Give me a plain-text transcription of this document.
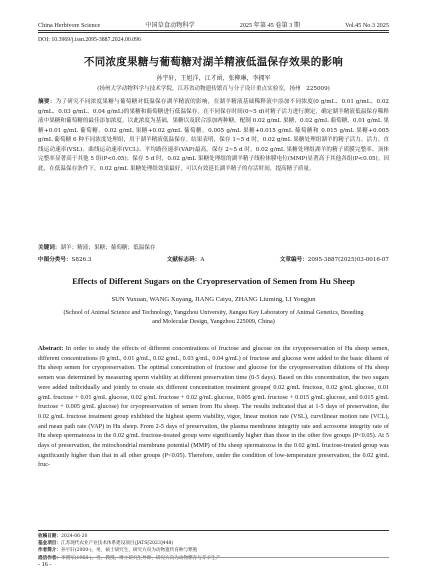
China Herbivore Science	中国草食动物科学	2025 年第 45 卷第 3 期	Vol.45 No.3 2025
DOI: 10.3969/j.issn.2095-3887.2024.00.096
不同浓度果糖与葡萄糖对湖羊精液低温保存效果的影响
孙宇轩，王旭洋，江才函，张柳琳，李拥军
(扬州大学动物科学与技术学院，江苏省动物遗传繁育与分子设计重点实验室，扬州　225009)
摘要：为了研究不同浓度果糖与葡萄糖对低温保存湖羊精液的影响，在湖羊精液基础稀释液中添加不同浓度(0 g/mL、0.01 g/mL、0.02 g/mL、0.03 g/mL、0.04 g/mL)的果糖和葡萄糖进行低温保存。在不同保存时间(0~5 d)对精子活力进行测定，确定湖羊精液低温保存稀释液中果糖和葡萄糖的最佳添加浓度。以此浓度为基础，果糖以及联合添加两种糖，配制 0.02 g/mL 果糖、0.02 g/mL 葡萄糖、0.01 g/mL 果糖+0.01 g/mL 葡萄糖、0.02 g/mL 果糖+0.02 g/mL 葡萄糖、0.005 g/mL 果糖+0.015 g/mL 葡萄糖和 0.015 g/mL 果糖+0.005 g/mL 葡萄糖 6 种不同浓度处理组，用于湖羊精液低温保存。结果表明，保存 1~5 d 时，0.02 g/mL 果糖处理组湖羊的精子活力、活力、直线运动速率(VSL)、曲线运动速率(VCL)、平均路径速率(VAP)最高。保存 2~5 d 时，0.02 g/mL 果糖处理组湖羊的精子质膜完整率、顶体完整率显著高于其他 5 组(P<0.05)；保存 5 d 时，0.02 g/mL 果糖处理组的湖羊精子线粒体膜电位(MMP)显著高于其他各组(P<0.05)。因此，在低温保存条件下，0.02 g/mL 果糖处理组效果最好，可以有效延长湖羊精子的存活时间，提高精子质量。
关键词：湖羊；精液；果糖；葡萄糖；低温保存
中图分类号：S826.3	文献标志码：A	文章编号：2095-3887(2025)03-0016-07
Effects of Different Sugars on the Cryopreservation of Semen from Hu Sheep
SUN Yuxuan, WANG Xuyang, JIANG Caiyu, ZHANG Liuming, LI Yongjun
(School of Animal Science and Technology, Yangzhou University, Jiangsu Key Laboratory of Animal Genetics, Breeding and Molecular Design, Yangzhou 225009, China)
Abstract: In order to study the effects of different concentrations of fructose and glucose on the cryopreservation of Hu sheep semen, different concentrations (0 g/mL, 0.01 g/mL, 0.02 g/mL, 0.03 g/mL, 0.04 g/mL) of fructose and glucose were added to the basic diluent of Hu sheep semen for cryopreservation. The optimal concentration of fructose and glucose for the cryopreservation dilutions of Hu sheep semen was determined by measuring sperm viability at different preservation time (0-5 days). Based on this concentration, the two sugars were added individually and jointly to create six different concentration treatment groups( 0.02 g/mL fructose, 0.02 g/mL glucose, 0.01 g/mL fructose + 0.01 g/mL glucose, 0.02 g/mL fructose + 0.02 g/mL glucose, 0.005 g/mL fructose + 0.015 g/mL glucose, and 0.015 g/mL fructose + 0.005 g/mL glucose) for cryopreservation of semen from Hu sheep. The results indicated that at 1-5 days of preservation, the 0.02 g/mL fructose treatment group exhibited the highest sperm viability, vigor, linear motion rate (VSL), curvilinear motion rate (VCL), and mean path rate (VAP) in Hu sheep. From 2-5 days of preservation, the plasma membrane integrity rate and acrosome integrity rate of Hu sheep spermatozoa in the 0.02 g/mL fructose-treated group were significantly higher than those in the other five groups (P<0.05). At 5 days of preservation, the mitochondrial membrane potential (MMP) of Hu sheep spermatozoa in the 0.02 g/mL fructose-treated group was significantly higher than that in all other groups (P<0.05). Therefore, under the condition of low-temperature preservation, the 0.02 g/mL fruc-
收稿日期：2024-06-20
基金项目：江苏现代农业产业技术体系建设项目(JATS[2023]448)
作者简介：孙宇轩(2000-)，男，硕士研究生，研究方向为动物遗传育种与繁殖
通信作者：李拥军(1968-)，男，教授，博士研究生导师，研究方向为动物繁育与养羊生产
- 16 -
